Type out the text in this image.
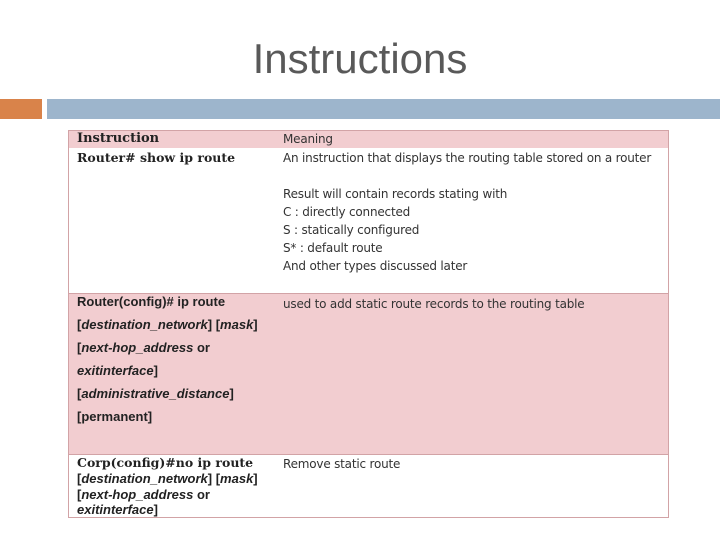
Instructions
Instruction	Meaning
Router# show ip route	An instruction that displays the routing table stored on a router
Result will contain records stating with
C : directly connected
S : statically configured
S* : default route
And other types discussed later
Router(config)# ip route
[destination_network] [mask]
[next-hop_address or
exitinterface]
[administrative_distance]
[permanent]
used to add static route records to the routing table
Corp(config)#no ip route
[destination_network] [mask]
[next-hop_address or
exitinterface]
Remove static route
